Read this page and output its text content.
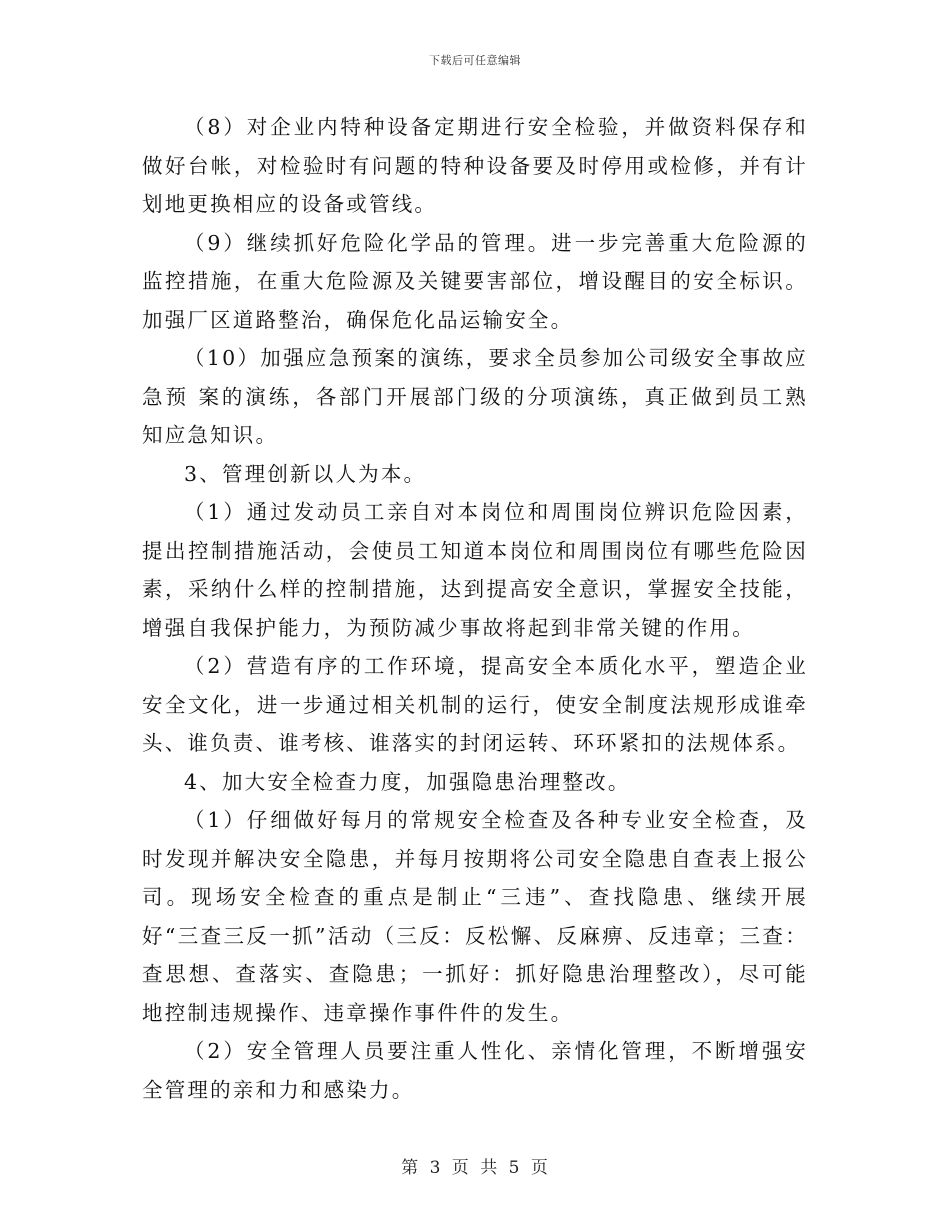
下载后可任意编辑

（8）对企业内特种设备定期进行安全检验，并做资料保存和做好台帐，对检验时有问题的特种设备要及时停用或检修，并有计划地更换相应的设备或管线。

（9）继续抓好危险化学品的管理。进一步完善重大危险源的监控措施，在重大危险源及关键要害部位，增设醒目的安全标识。加强厂区道路整治，确保危化品运输安全。

（10）加强应急预案的演练，要求全员参加公司级安全事故应急预 案的演练，各部门开展部门级的分项演练，真正做到员工熟知应急知识。

3、管理创新以人为本。

（1）通过发动员工亲自对本岗位和周围岗位辨识危险因素，提出控制措施活动，会使员工知道本岗位和周围岗位有哪些危险因素，采纳什么样的控制措施，达到提高安全意识，掌握安全技能，增强自我保护能力，为预防减少事故将起到非常关键的作用。

（2）营造有序的工作环境，提高安全本质化水平，塑造企业安全文化，进一步通过相关机制的运行，使安全制度法规形成谁牵头、谁负责、谁考核、谁落实的封闭运转、环环紧扣的法规体系。

4、加大安全检查力度，加强隐患治理整改。

（1）仔细做好每月的常规安全检查及各种专业安全检查，及时发现并解决安全隐患，并每月按期将公司安全隐患自查表上报公司。现场安全检查的重点是制止“三违”、查找隐患、继续开展好“三查三反一抓”活动（三反：反松懈、反麻痹、反违章；三查：查思想、查落实、查隐患；一抓好：抓好隐患治理整改），尽可能地控制违规操作、违章操作事件件的发生。

（2）安全管理人员要注重人性化、亲情化管理，不断增强安全管理的亲和力和感染力。

第 3 页 共 5 页
